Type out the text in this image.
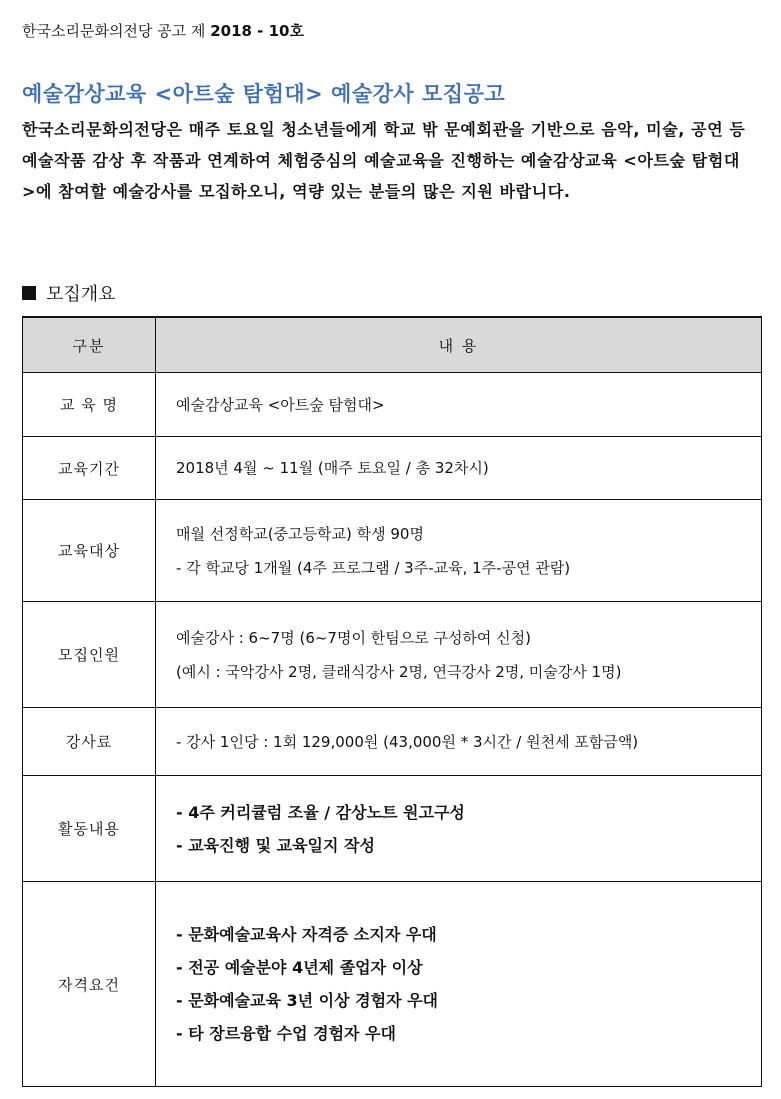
한국소리문화의전당 공고 제 2018 - 10호
예술감상교육 <아트숲 탐험대> 예술강사 모집공고
한국소리문화의전당은 매주 토요일 청소년들에게 학교 밖 문예회관을 기반으로 음악, 미술, 공연 등 예술작품 감상 후 작품과 연계하여 체험중심의 예술교육을 진행하는 예술감상교육 <아트숲 탐험대>에 참여할 예술강사를 모집하오니, 역량 있는 분들의 많은 지원 바랍니다.
모집개요
구분	내 용
교 육 명	예술감상교육 <아트숲 탐험대>

교육기간	2018년 4월 ~ 11월 (매주 토요일 / 총 32차시)

교육대상	매월 선정학교(중고등학교) 학생 90명
- 각 학교당 1개월 (4주 프로그램 / 3주-교육, 1주-공연 관람)

모집인원	예술강사 : 6~7명 (6~7명이 한팀으로 구성하여 신청)
(예시 : 국악강사 2명, 클래식강사 2명, 연극강사 2명, 미술강사 1명)

강사료	- 강사 1인당 : 1회 129,000원 (43,000원 * 3시간 / 원천세 포함금액)

활동내용	- 4주 커리큘럼 조율 / 감상노트 원고구성
- 교육진행 및 교육일지 작성

자격요건	- 문화예술교육사 자격증 소지자 우대
- 전공 예술분야 4년제 졸업자 이상
- 문화예술교육 3년 이상 경험자 우대
- 타 장르융합 수업 경험자 우대
